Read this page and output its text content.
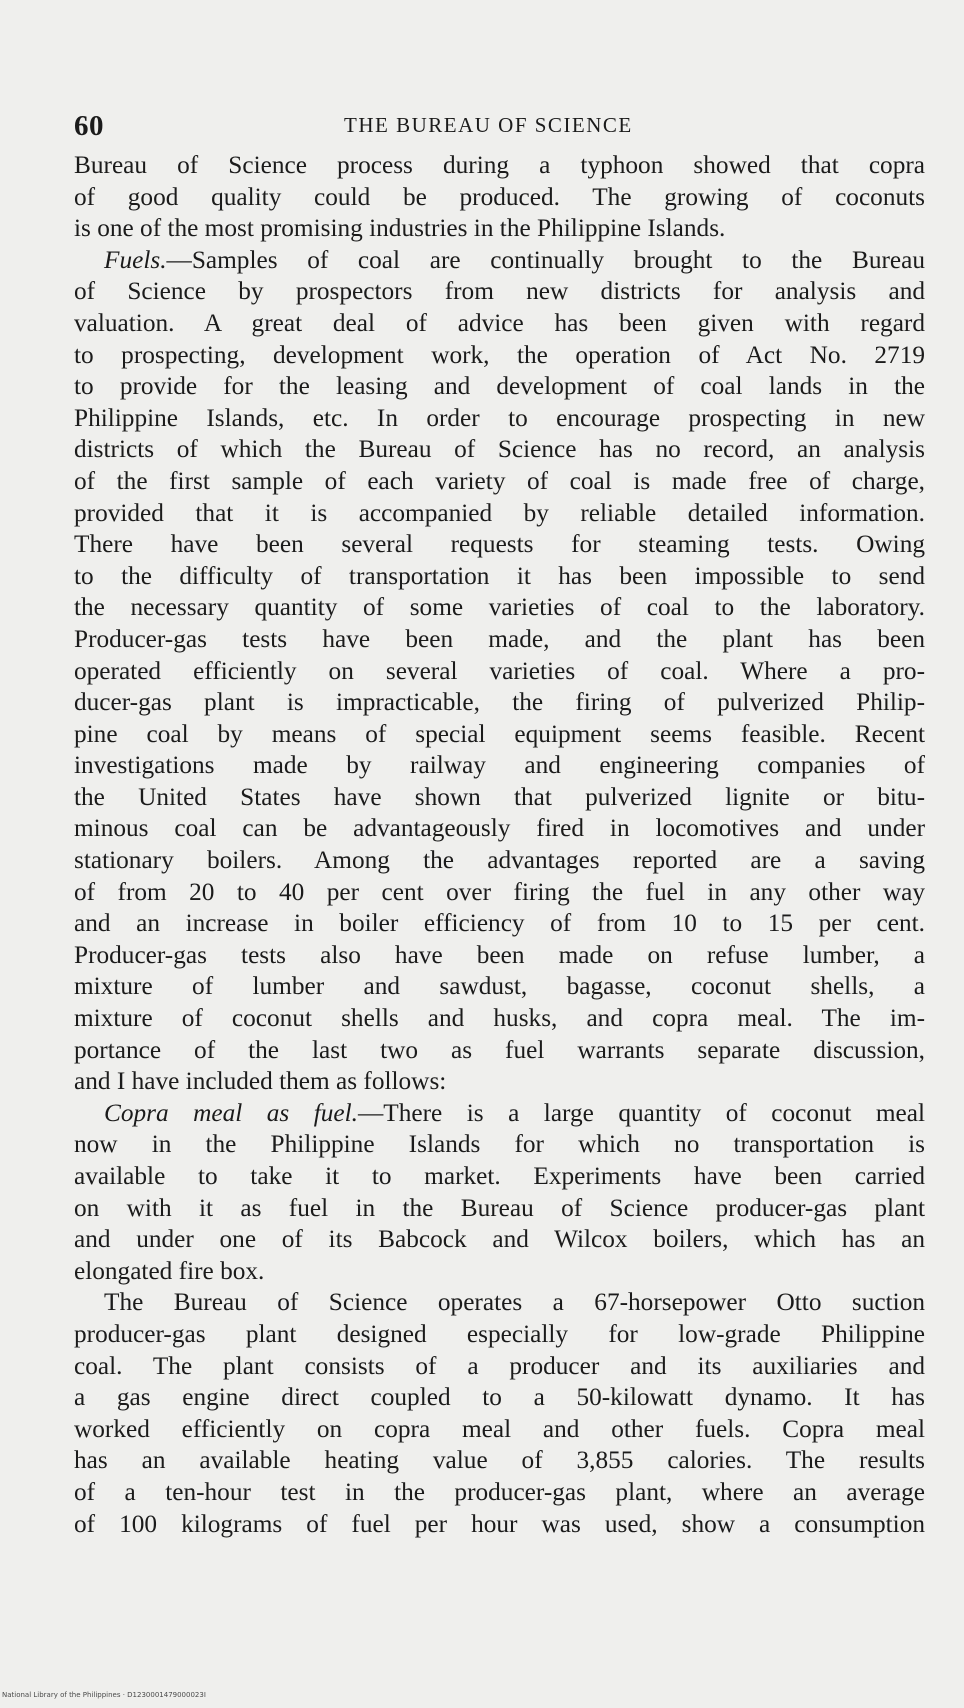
60	THE BUREAU OF SCIENCE
Bureau of Science process during a typhoon showed that copra
of good quality could be produced. The growing of coconuts
is one of the most promising industries in the Philippine Islands.
Fuels.—Samples of coal are continually brought to the Bureau
of Science by prospectors from new districts for analysis and
valuation. A great deal of advice has been given with regard
to prospecting, development work, the operation of Act No. 2719
to provide for the leasing and development of coal lands in the
Philippine Islands, etc. In order to encourage prospecting in new
districts of which the Bureau of Science has no record, an analysis
of the first sample of each variety of coal is made free of charge,
provided that it is accompanied by reliable detailed information.
There have been several requests for steaming tests. Owing
to the difficulty of transportation it has been impossible to send
the necessary quantity of some varieties of coal to the laboratory.
Producer-gas tests have been made, and the plant has been
operated efficiently on several varieties of coal. Where a pro-
ducer-gas plant is impracticable, the firing of pulverized Philip-
pine coal by means of special equipment seems feasible. Recent
investigations made by railway and engineering companies of
the United States have shown that pulverized lignite or bitu-
minous coal can be advantageously fired in locomotives and under
stationary boilers. Among the advantages reported are a saving
of from 20 to 40 per cent over firing the fuel in any other way
and an increase in boiler efficiency of from 10 to 15 per cent.
Producer-gas tests also have been made on refuse lumber, a
mixture of lumber and sawdust, bagasse, coconut shells, a
mixture of coconut shells and husks, and copra meal. The im-
portance of the last two as fuel warrants separate discussion,
and I have included them as follows:
Copra meal as fuel.—There is a large quantity of coconut meal
now in the Philippine Islands for which no transportation is
available to take it to market. Experiments have been carried
on with it as fuel in the Bureau of Science producer-gas plant
and under one of its Babcock and Wilcox boilers, which has an
elongated fire box.
The Bureau of Science operates a 67-horsepower Otto suction
producer-gas plant designed especially for low-grade Philippine
coal. The plant consists of a producer and its auxiliaries and
a gas engine direct coupled to a 50-kilowatt dynamo. It has
worked efficiently on copra meal and other fuels. Copra meal
has an available heating value of 3,855 calories. The results
of a ten-hour test in the producer-gas plant, where an average
of 100 kilograms of fuel per hour was used, show a consumption
National Library of the Philippines · D1230001479000023I
